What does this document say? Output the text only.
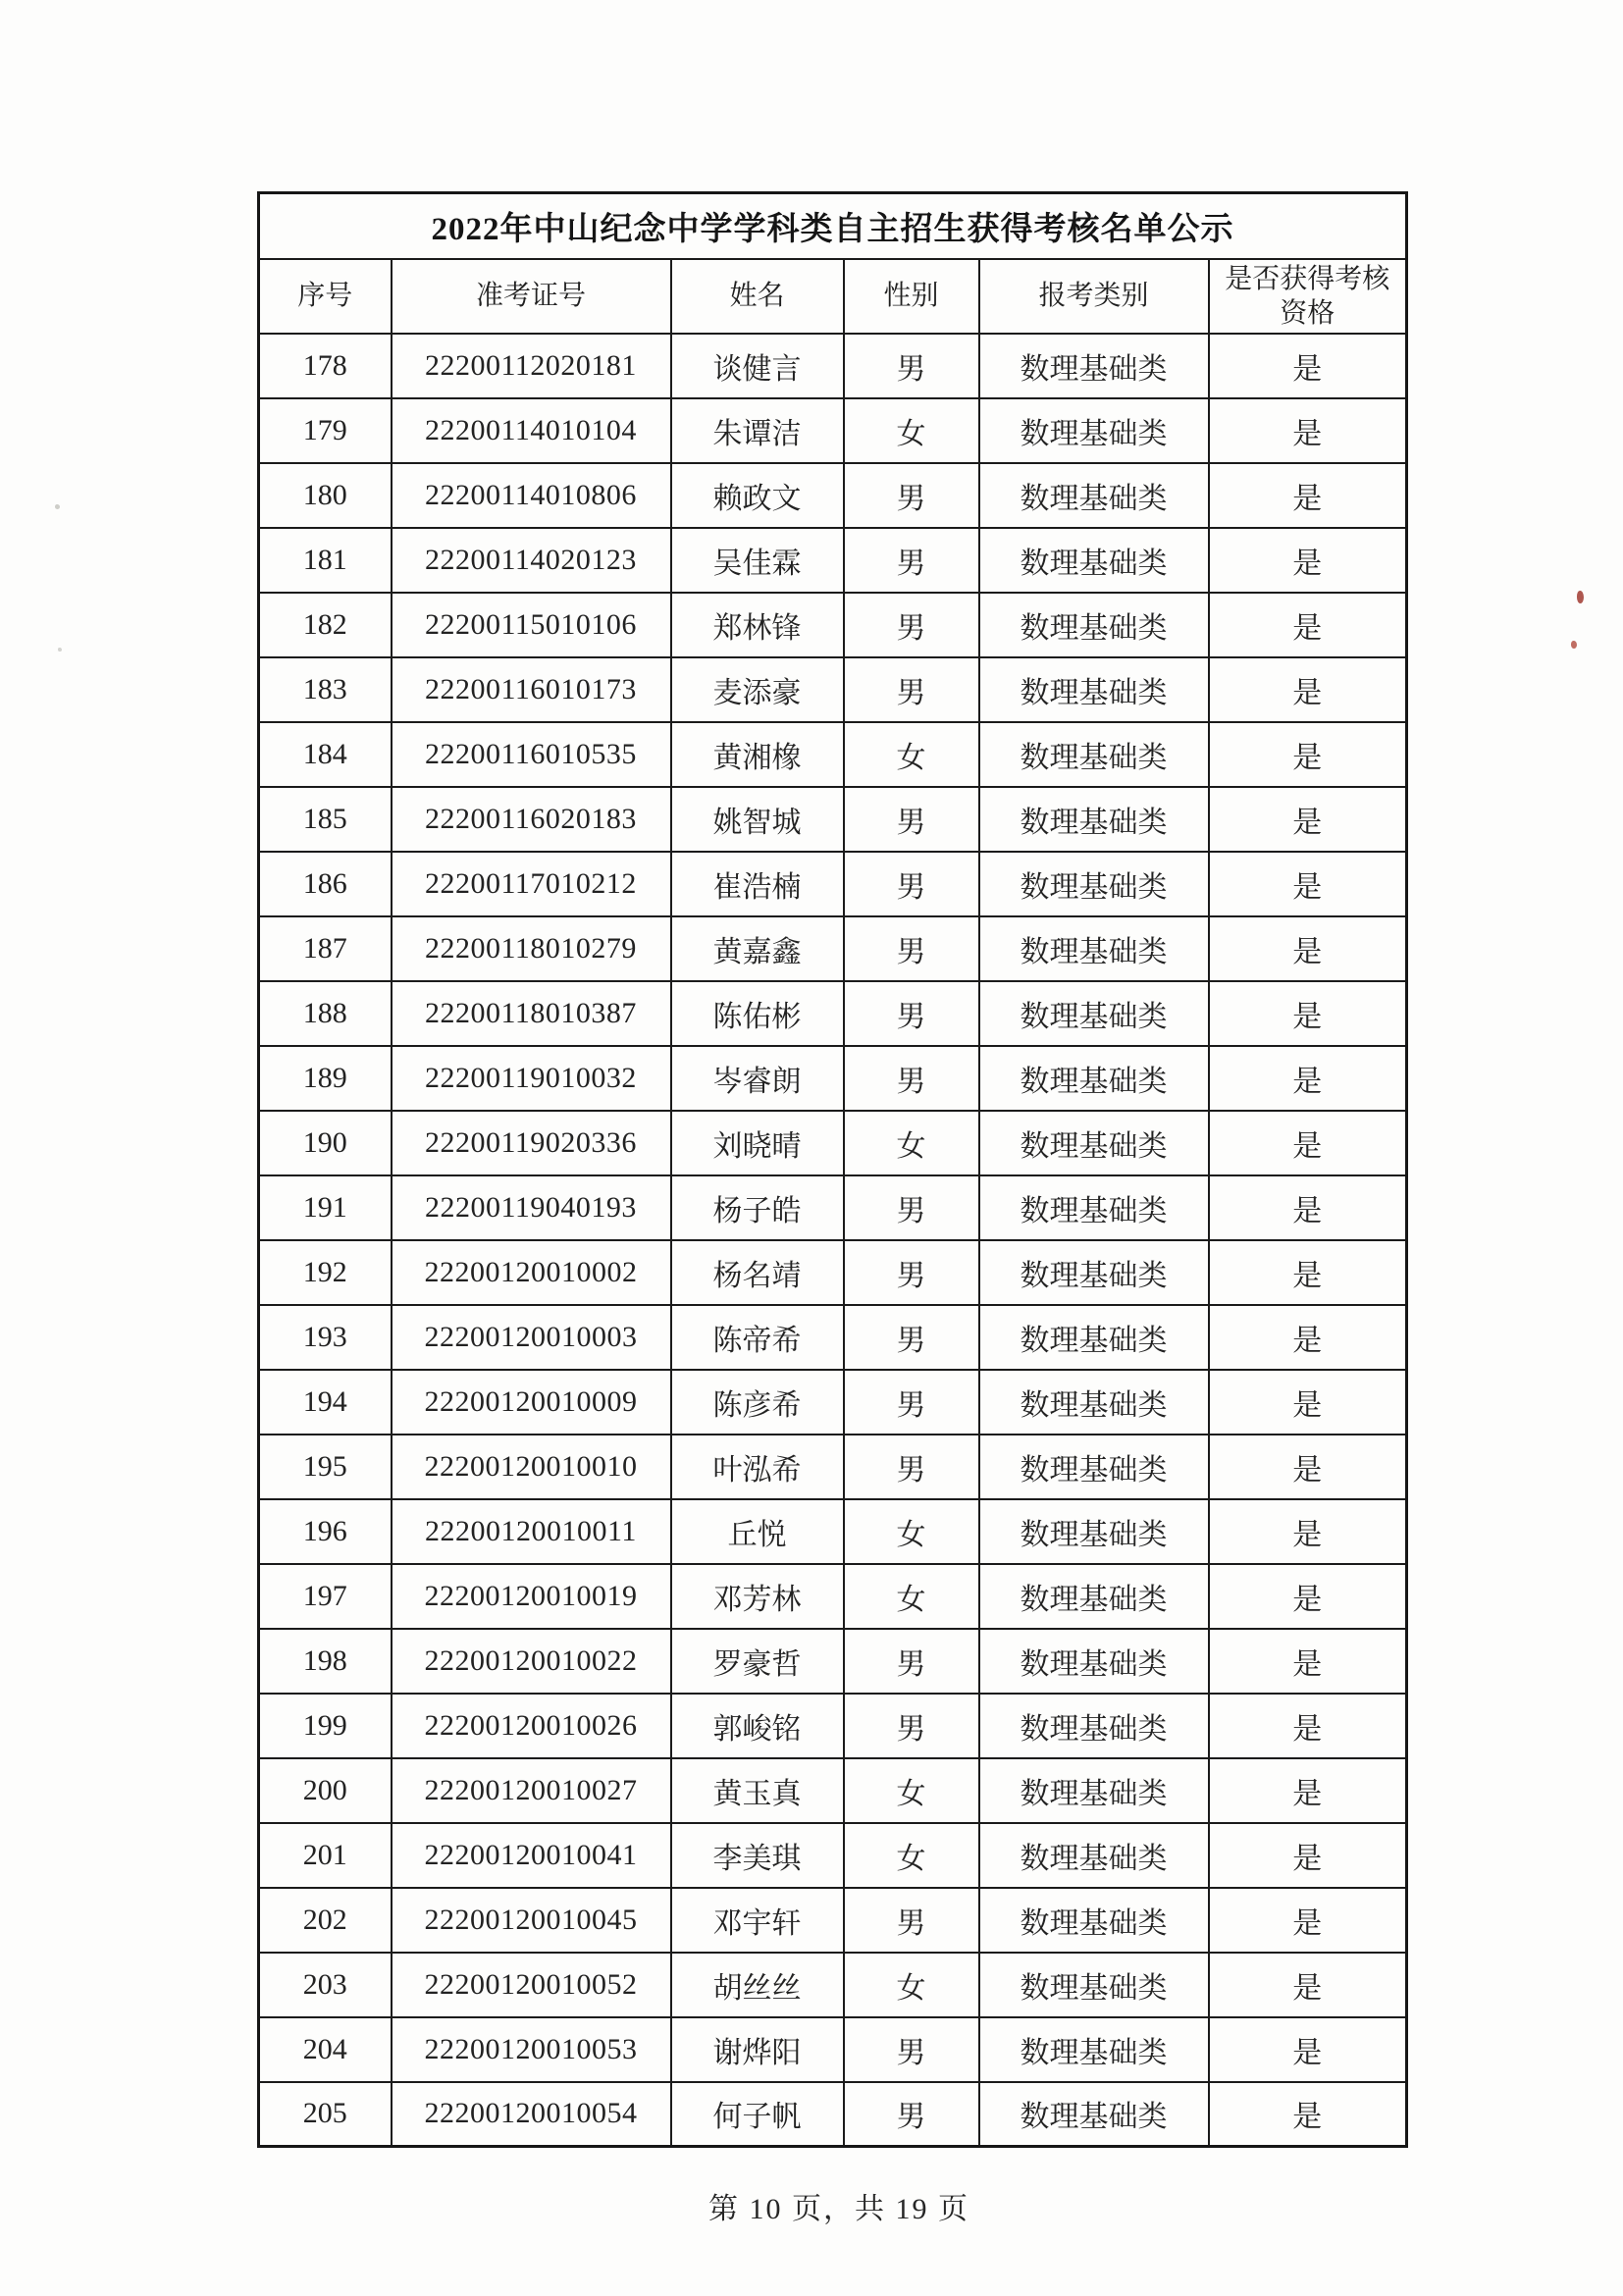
2022年中山纪念中学学科类自主招生获得考核名单公示					
序号	准考证号	姓名	性别	报考类别	是否获得考核资格
178	22200112020181	谈健言	男	数理基础类	是
179	22200114010104	朱谭洁	女	数理基础类	是
180	22200114010806	赖政文	男	数理基础类	是
181	22200114020123	吴佳霖	男	数理基础类	是
182	22200115010106	郑林锋	男	数理基础类	是
183	22200116010173	麦添豪	男	数理基础类	是
184	22200116010535	黄湘橡	女	数理基础类	是
185	22200116020183	姚智城	男	数理基础类	是
186	22200117010212	崔浩楠	男	数理基础类	是
187	22200118010279	黄嘉鑫	男	数理基础类	是
188	22200118010387	陈佑彬	男	数理基础类	是
189	22200119010032	岑睿朗	男	数理基础类	是
190	22200119020336	刘晓晴	女	数理基础类	是
191	22200119040193	杨子皓	男	数理基础类	是
192	22200120010002	杨名靖	男	数理基础类	是
193	22200120010003	陈帝希	男	数理基础类	是
194	22200120010009	陈彦希	男	数理基础类	是
195	22200120010010	叶泓希	男	数理基础类	是
196	22200120010011	丘悦	女	数理基础类	是
197	22200120010019	邓芳林	女	数理基础类	是
198	22200120010022	罗豪哲	男	数理基础类	是
199	22200120010026	郭峻铭	男	数理基础类	是
200	22200120010027	黄玉真	女	数理基础类	是
201	22200120010041	李美琪	女	数理基础类	是
202	22200120010045	邓宇轩	男	数理基础类	是
203	22200120010052	胡丝丝	女	数理基础类	是
204	22200120010053	谢烨阳	男	数理基础类	是
205	22200120010054	何子帆	男	数理基础类	是
第 10 页，共 19 页
